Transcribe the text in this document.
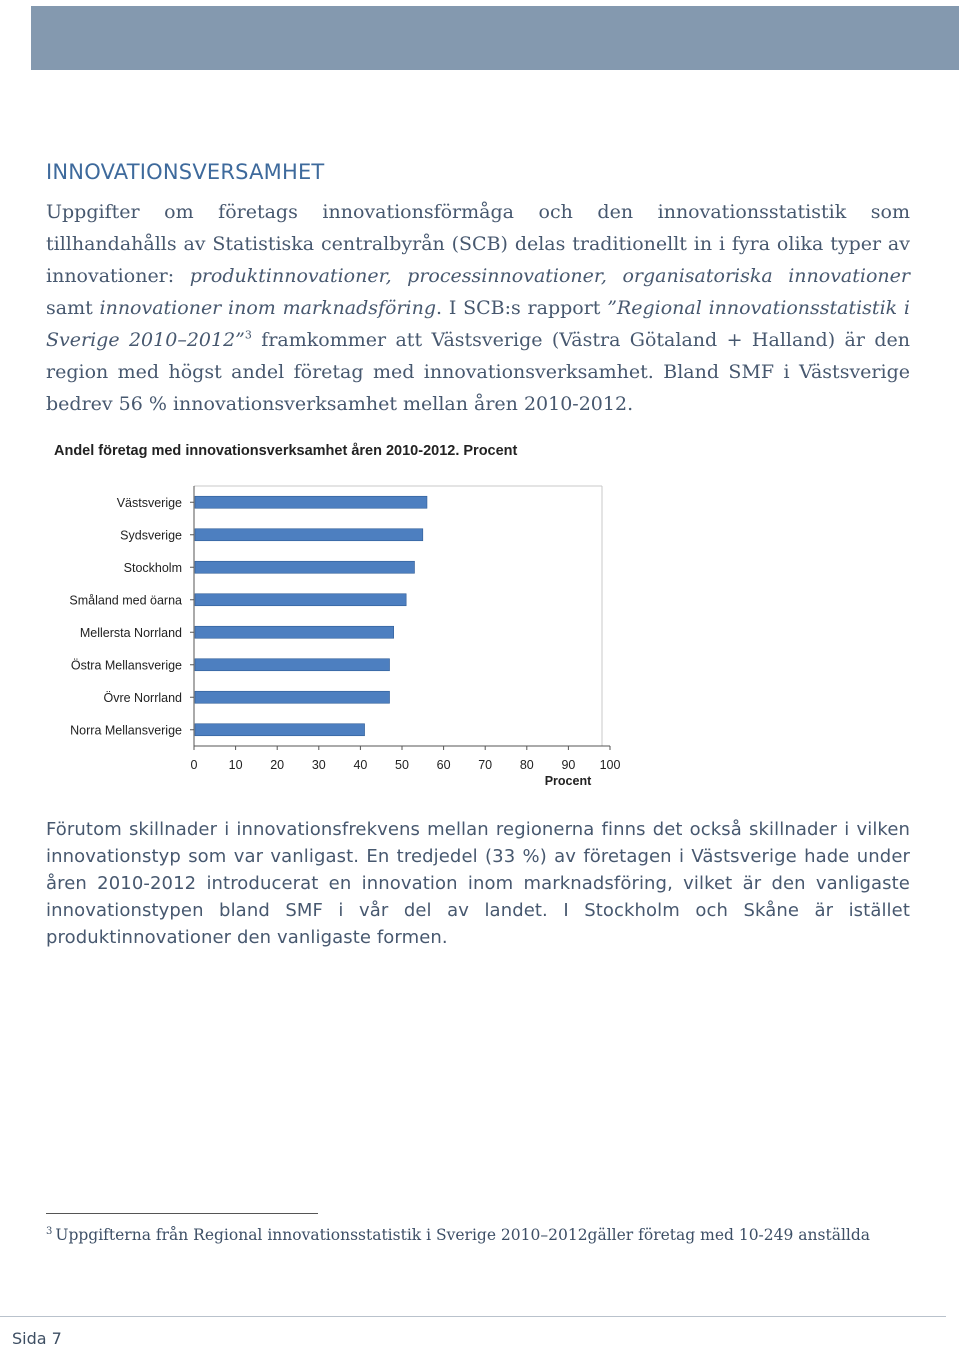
INNOVATIONSVERSAMHET

Uppgifter om företags innovationsförmåga och den innovationsstatistik som tillhandahålls av Statistiska centralbyrån (SCB) delas traditionellt in i fyra olika typer av innovationer: produktinnovationer, processinnovationer, organisatoriska innovationer samt innovationer inom marknadsföring. I SCB:s rapport ”Regional innovationsstatistik i Sverige 2010–2012”$^3$ framkommer att Västsverige (Västra Götaland + Halland) är den region med högst andel företag med innovationsverksamhet. Bland SMF i Västsverige bedrev 56 % innovationsverksamhet mellan åren 2010-2012.

Andel företag med innovationsverksamhet åren 2010-2012. Procent
Västsverige
Sydsverige
Stockholm
Småland med öarna
Mellersta Norrland
Östra Mellansverige
Övre Norrland
Norra Mellansverige
0 10 20 30 40 50 60 70 80 90 100
Procent

Förutom skillnader i innovationsfrekvens mellan regionerna finns det också skillnader i vilken innovationstyp som var vanligast. En tredjedel (33 %) av företagen i Västsverige hade under åren 2010-2012 introducerat en innovation inom marknadsföring, vilket är den vanligaste innovationstypen bland SMF i vår del av landet. I Stockholm och Skåne är istället produktinnovationer den vanligaste formen.

$^3$ Uppgifterna från Regional innovationsstatistik i Sverige 2010–2012gäller företag med 10-249 anställda

Sida 7
